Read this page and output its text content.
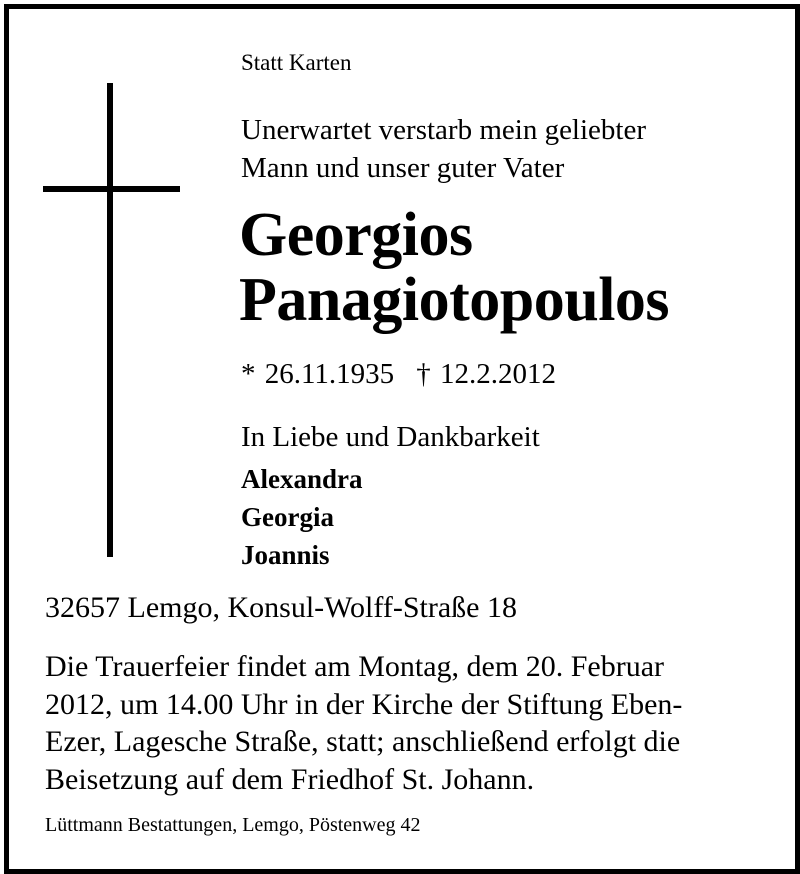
Statt Karten

Unerwartet verstarb mein geliebter
Mann und unser guter Vater
Georgios
Panagiotopoulos
* 26.11.1935 † 12.2.2012

In Liebe und Dankbarkeit

Alexandra
Georgia
Joannis

32657 Lemgo, Konsul-Wolff-Straße 18

Die Trauerfeier findet am Montag, dem 20. Februar
2012, um 14.00 Uhr in der Kirche der Stiftung Eben-
Ezer, Lagesche Straße, statt; anschließend erfolgt die
Beisetzung auf dem Friedhof St. Johann.

Lüttmann Bestattungen, Lemgo, Pöstenweg 42
